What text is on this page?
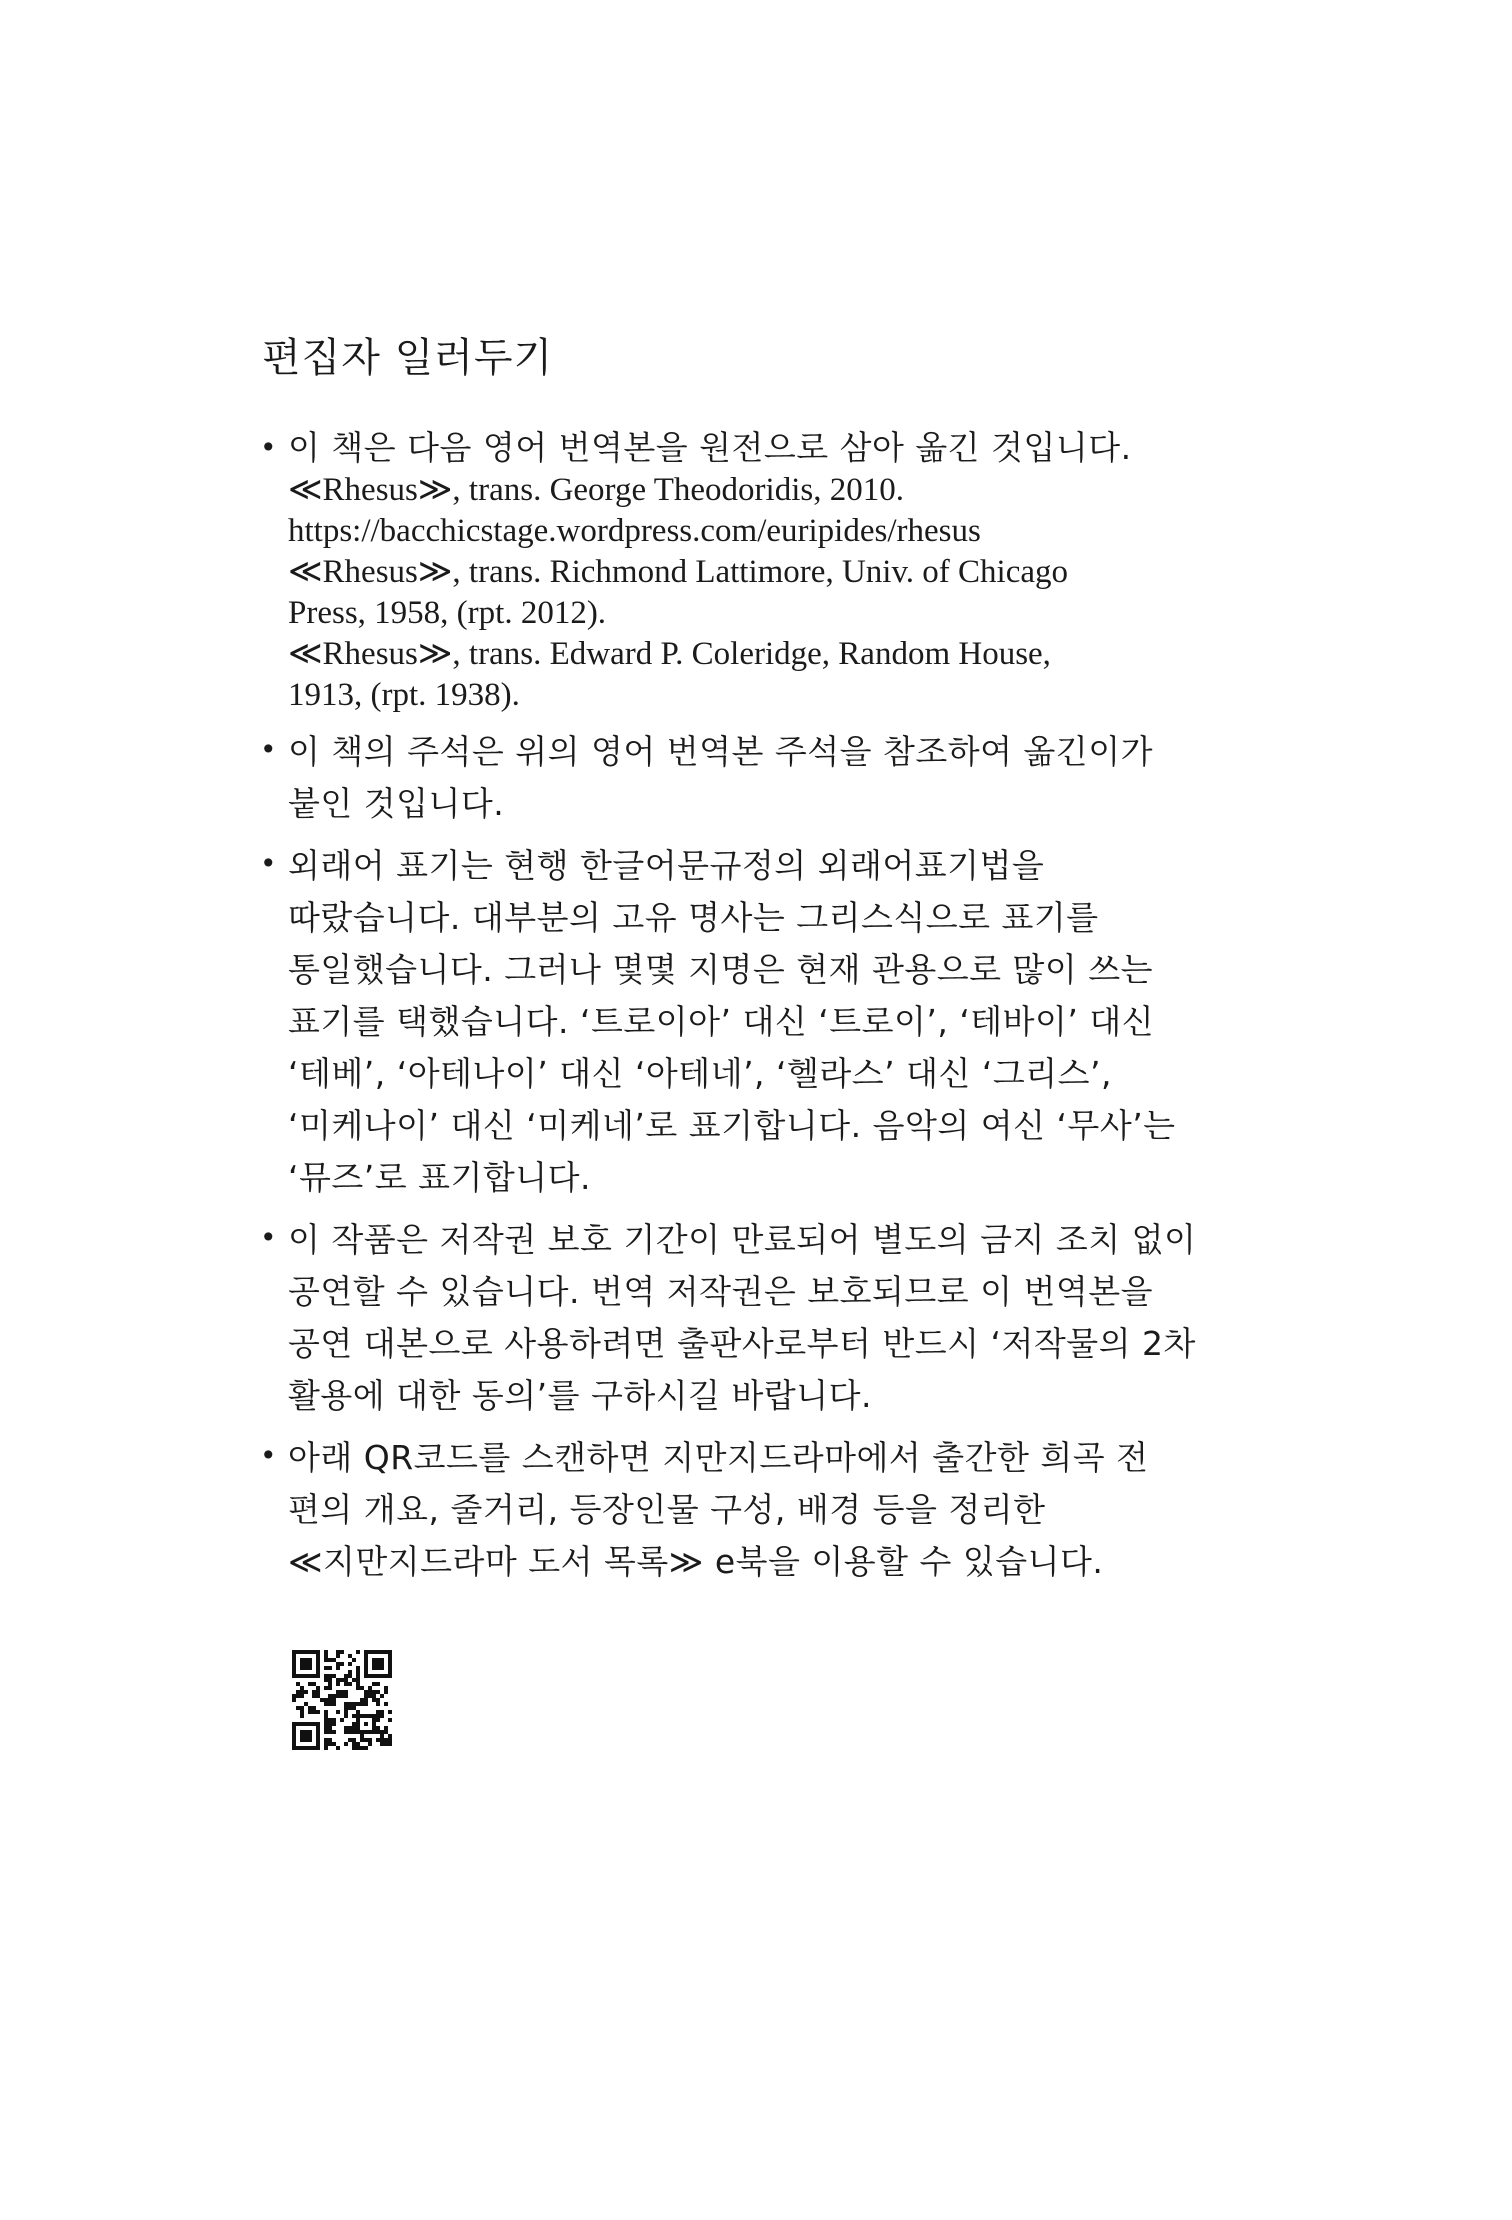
편집자 일러두기
• 이 책은 다음 영어 번역본을 원전으로 삼아 옮긴 것입니다.
≪Rhesus≫, trans. George Theodoridis, 2010.
https://bacchicstage.wordpress.com/euripides/rhesus
≪Rhesus≫, trans. Richmond Lattimore, Univ. of Chicago
Press, 1958, (rpt. 2012).
≪Rhesus≫, trans. Edward P. Coleridge, Random House,
1913, (rpt. 1938).
• 이 책의 주석은 위의 영어 번역본 주석을 참조하여 옮긴이가
붙인 것입니다.
• 외래어 표기는 현행 한글어문규정의 외래어표기법을
따랐습니다. 대부분의 고유 명사는 그리스식으로 표기를
통일했습니다. 그러나 몇몇 지명은 현재 관용으로 많이 쓰는
표기를 택했습니다. ‘트로이아’ 대신 ‘트로이’, ‘테바이’ 대신
‘테베’, ‘아테나이’ 대신 ‘아테네’, ‘헬라스’ 대신 ‘그리스’,
‘미케나이’ 대신 ‘미케네’로 표기합니다. 음악의 여신 ‘무사’는
‘뮤즈’로 표기합니다.
• 이 작품은 저작권 보호 기간이 만료되어 별도의 금지 조치 없이
공연할 수 있습니다. 번역 저작권은 보호되므로 이 번역본을
공연 대본으로 사용하려면 출판사로부터 반드시 ‘저작물의 2차
활용에 대한 동의’를 구하시길 바랍니다.
• 아래 QR코드를 스캔하면 지만지드라마에서 출간한 희곡 전
편의 개요, 줄거리, 등장인물 구성, 배경 등을 정리한
≪지만지드라마 도서 목록≫ e북을 이용할 수 있습니다.
